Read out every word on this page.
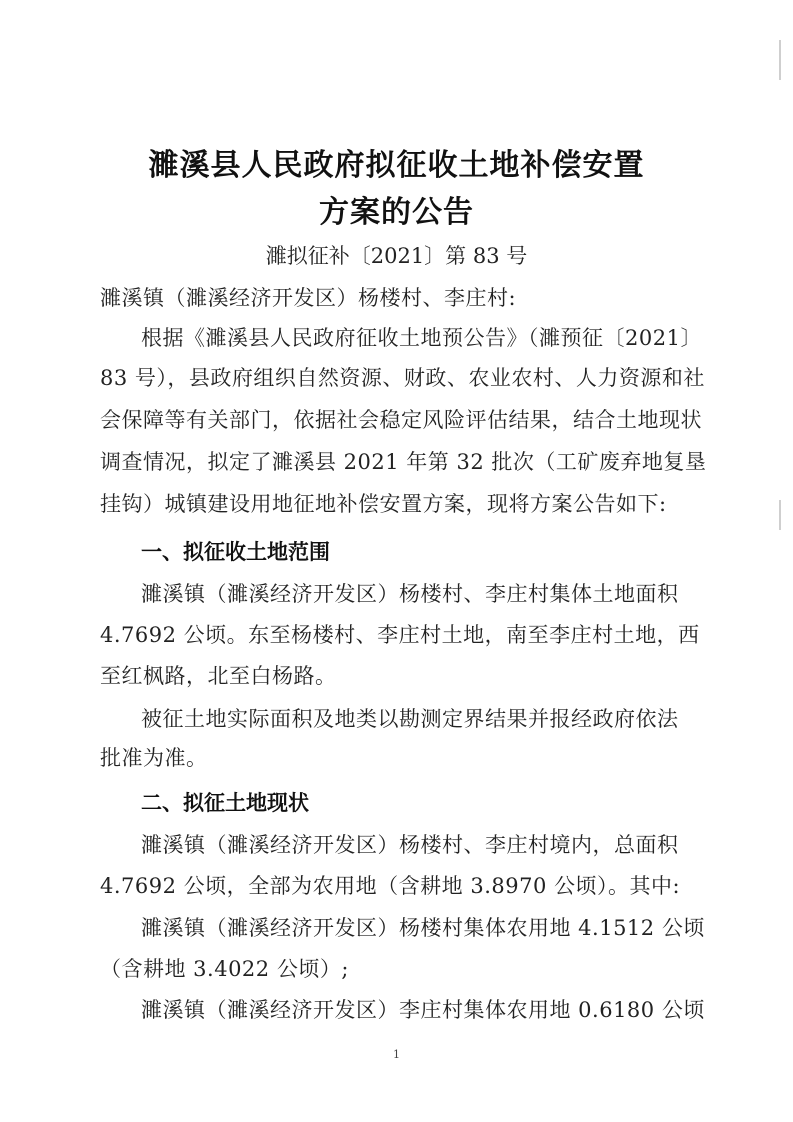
濉溪县人民政府拟征收土地补偿安置
方案的公告
濉拟征补〔2021〕第 83 号
濉溪镇（濉溪经济开发区）杨楼村、李庄村:
根据《濉溪县人民政府征收土地预公告》（濉预征〔2021〕
83 号），县政府组织自然资源、财政、农业农村、人力资源和社
会保障等有关部门，依据社会稳定风险评估结果，结合土地现状
调查情况，拟定了濉溪县 2021 年第 32 批次（工矿废弃地复垦
挂钩）城镇建设用地征地补偿安置方案，现将方案公告如下:
一、拟征收土地范围
濉溪镇（濉溪经济开发区）杨楼村、李庄村集体土地面积
4.7692 公顷。东至杨楼村、李庄村土地，南至李庄村土地，西
至红枫路，北至白杨路。
被征土地实际面积及地类以勘测定界结果并报经政府依法
批准为准。
二、拟征土地现状
濉溪镇（濉溪经济开发区）杨楼村、李庄村境内，总面积
4.7692 公顷，全部为农用地（含耕地 3.8970 公顷）。其中:
濉溪镇（濉溪经济开发区）杨楼村集体农用地 4.1512 公顷
（含耕地 3.4022 公顷）;
濉溪镇（濉溪经济开发区）李庄村集体农用地 0.6180 公顷
1
